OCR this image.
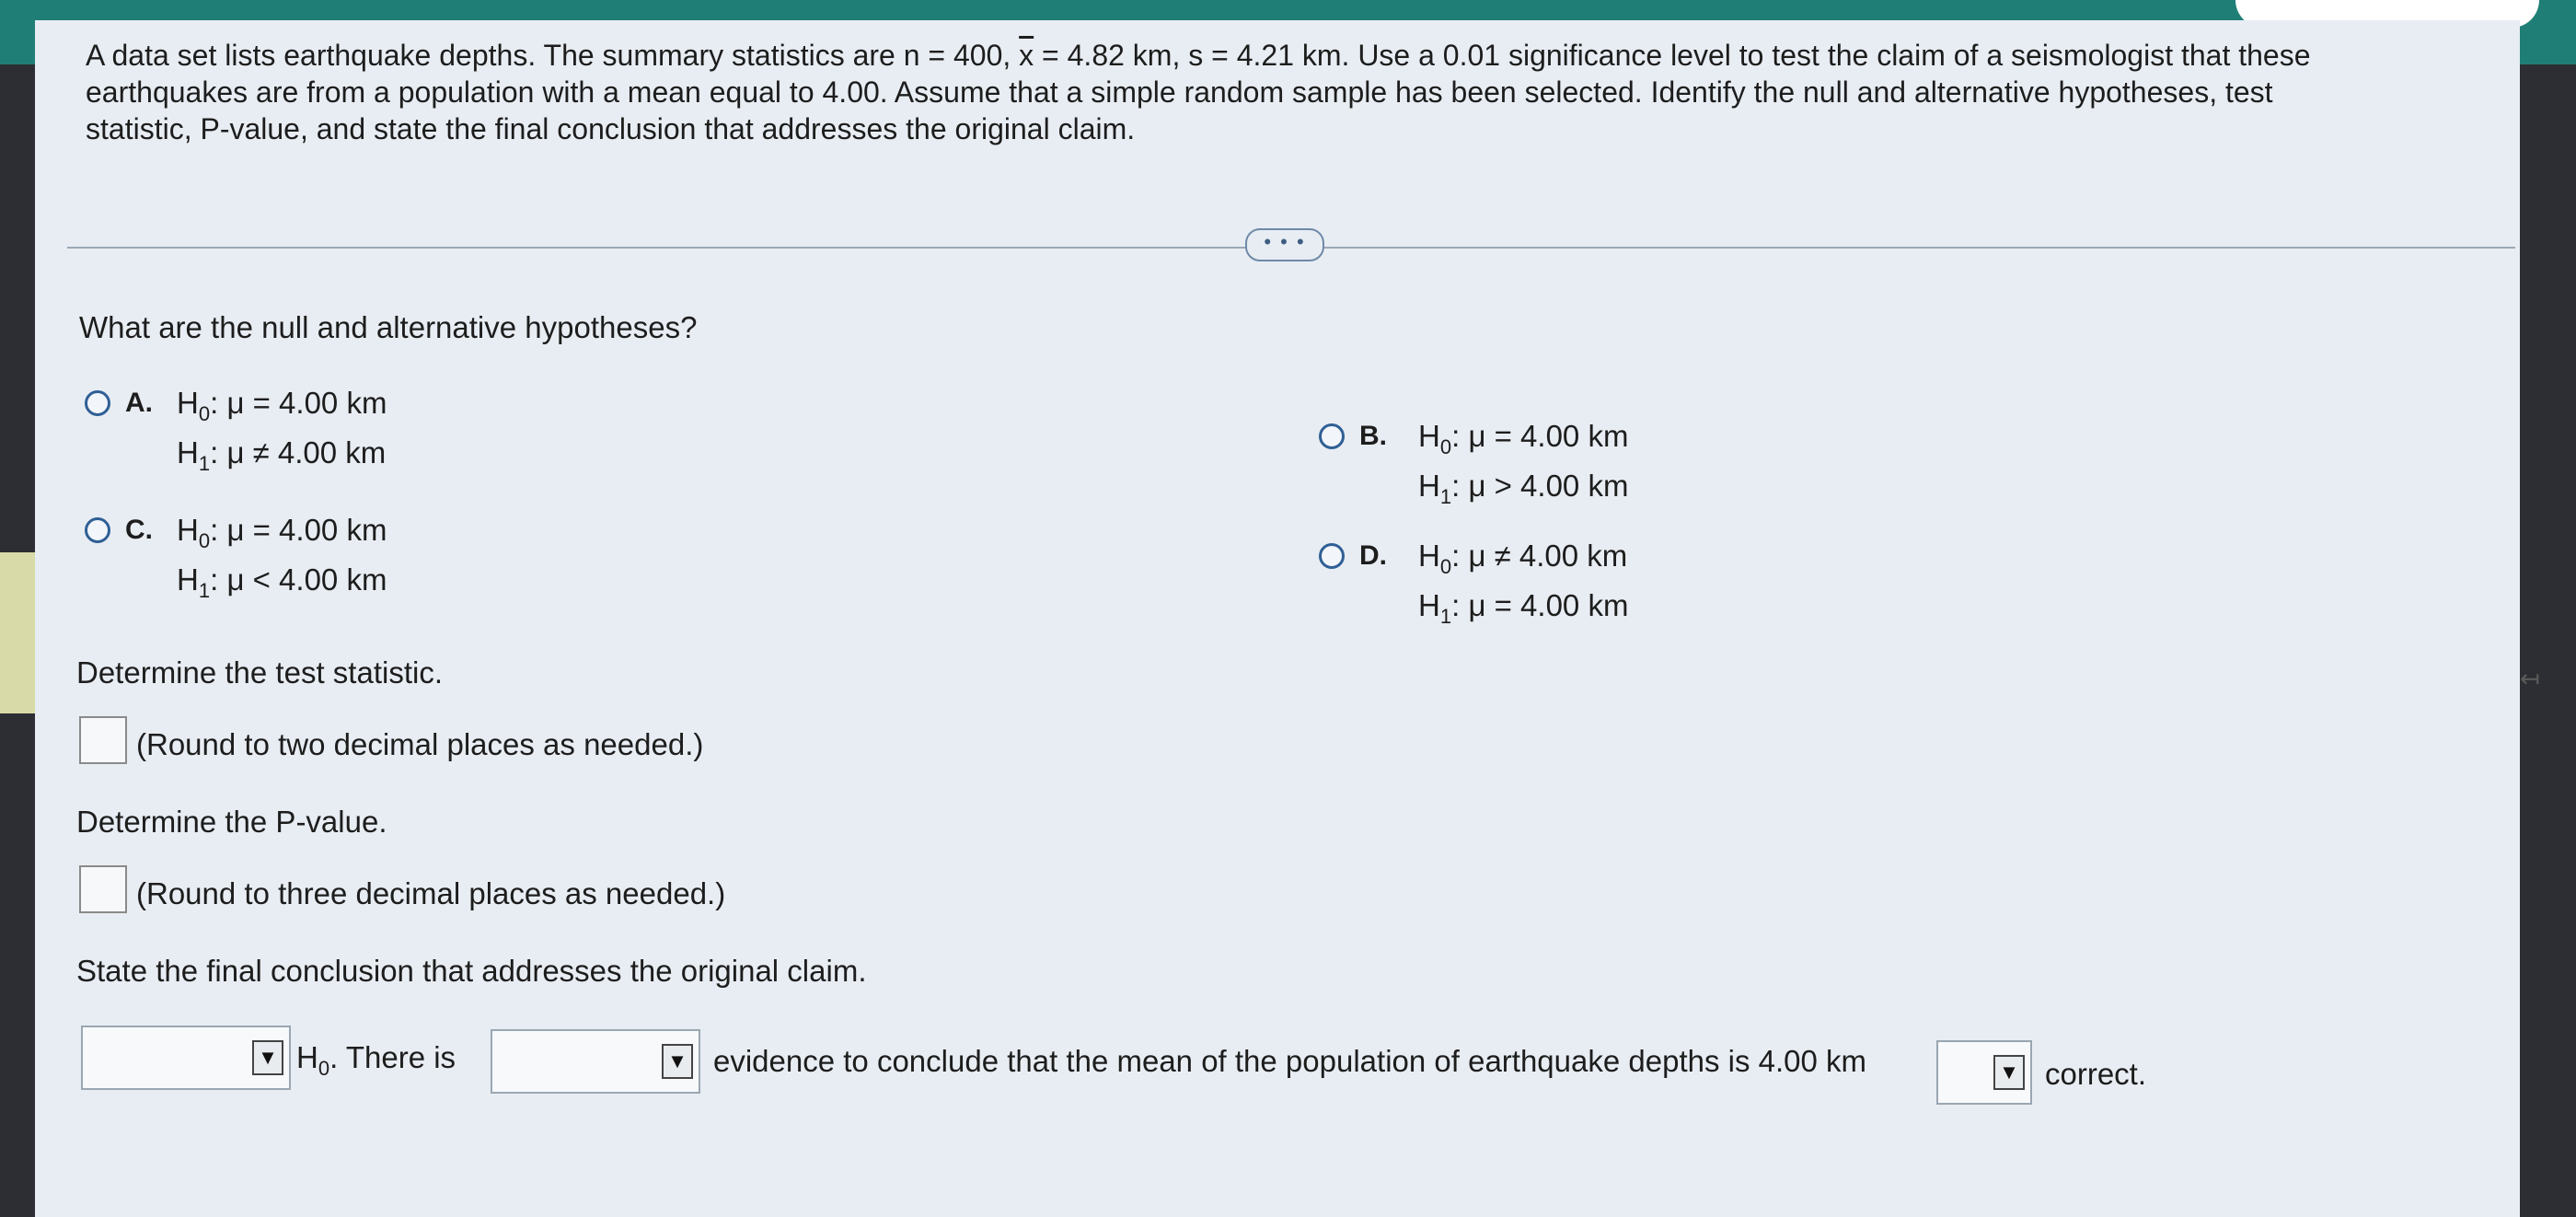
A data set lists earthquake depths. The summary statistics are n = 400, $\overline{x} = 4.82$ km, s = 4.21 km. Use a 0.01 significance level to test the claim of a seismologist that these

earthquakes are from a population with a mean equal to 4.00. Assume that a simple random sample has been selected. Identify the null and alternative hypotheses, test

statistic, P-value, and state the final conclusion that addresses the original claim.

• • •
What are the null and alternative hypotheses?
A. $H_0$: μ = 4.00 km
$H_1$: μ ≠ 4.00 km	B. $H_0$: μ = 4.00 km
$H_1$: μ > 4.00 km
C. $H_0$: μ = 4.00 km
$H_1$: μ < 4.00 km
D. $H_0$: μ ≠ 4.00 km
$H_1$: μ = 4.00 km
Determine the test statistic.
(Round to two decimal places as needed.)
Determine the P-value.
(Round to three decimal places as needed.)
State the final conclusion that addresses the original claim.
▼ $H_0$. There is	▼ evidence to conclude that the mean of the population of earthquake depths is 4.00 km	▼ correct.
↤
